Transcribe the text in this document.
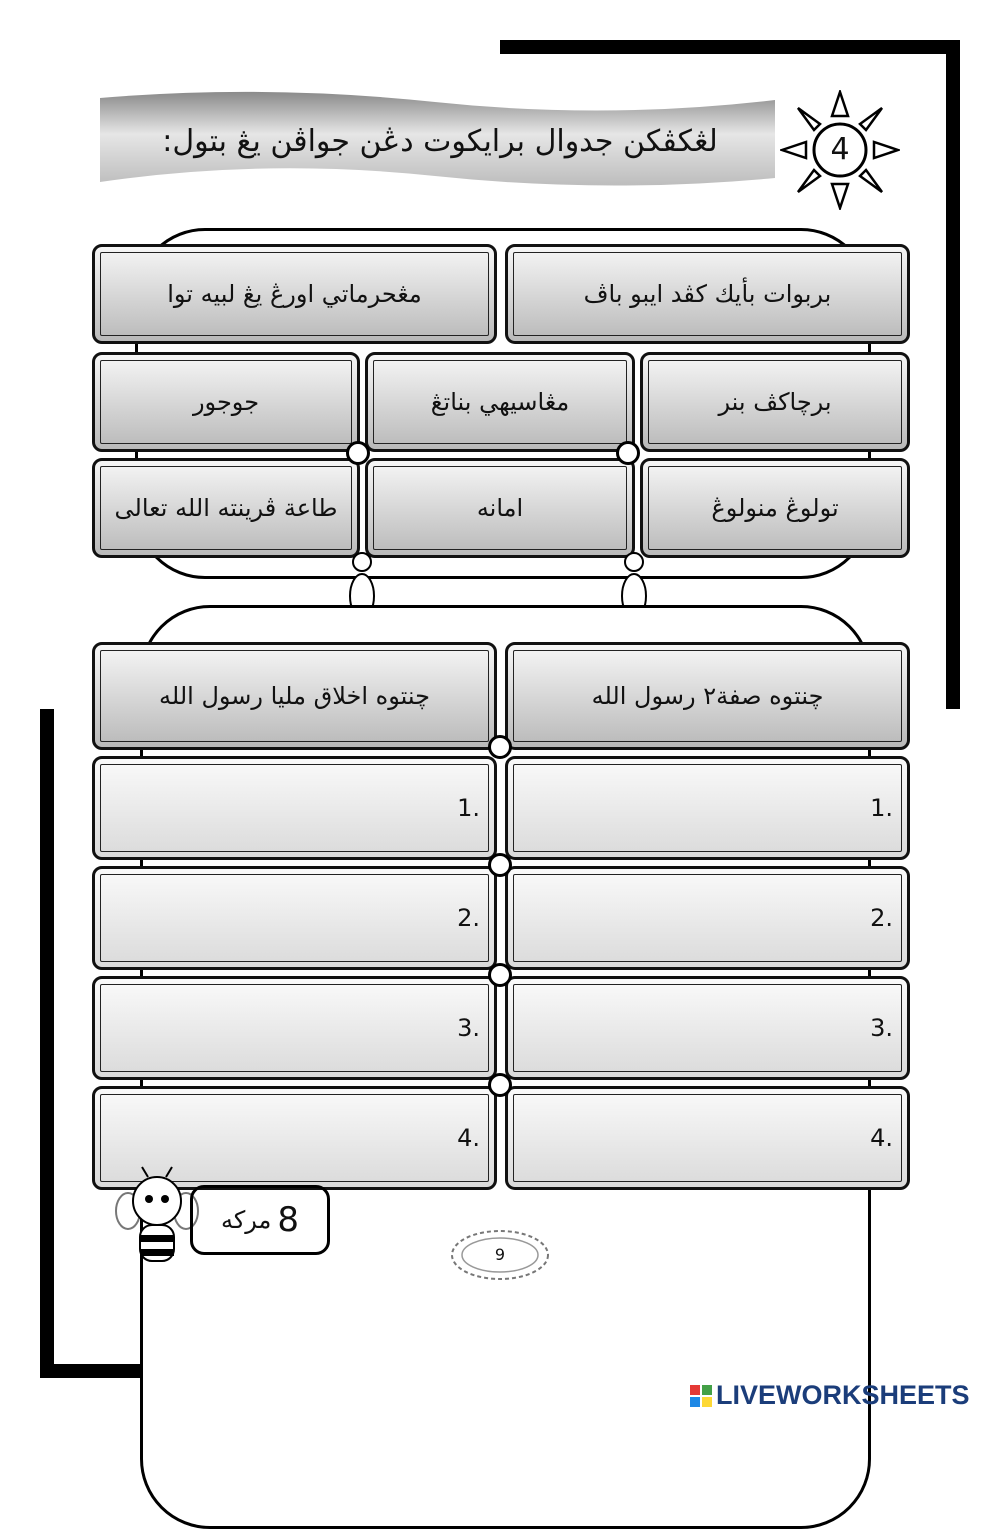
لڠكڤكن جدوال برايكوت دڠن جواڤن يڠ بتول:	4
بربوات بأيك كڤد ايبو باڤ
مڠحرماتي اورڠ يڠ لبيه توا
برچاكڤ بنر
مڠاسيهي بناتڠ
جوجور
تولوڠ منولوڠ
امانه
طاعة ڤرينته الله تعالى
چنتوه صفة٢ رسول الله
چنتوه اخلاق مليا رسول الله
1.
2.
3.
4.
1.
2.
3.
4.
8
مركه
9
LIVEWORKSHEETS
